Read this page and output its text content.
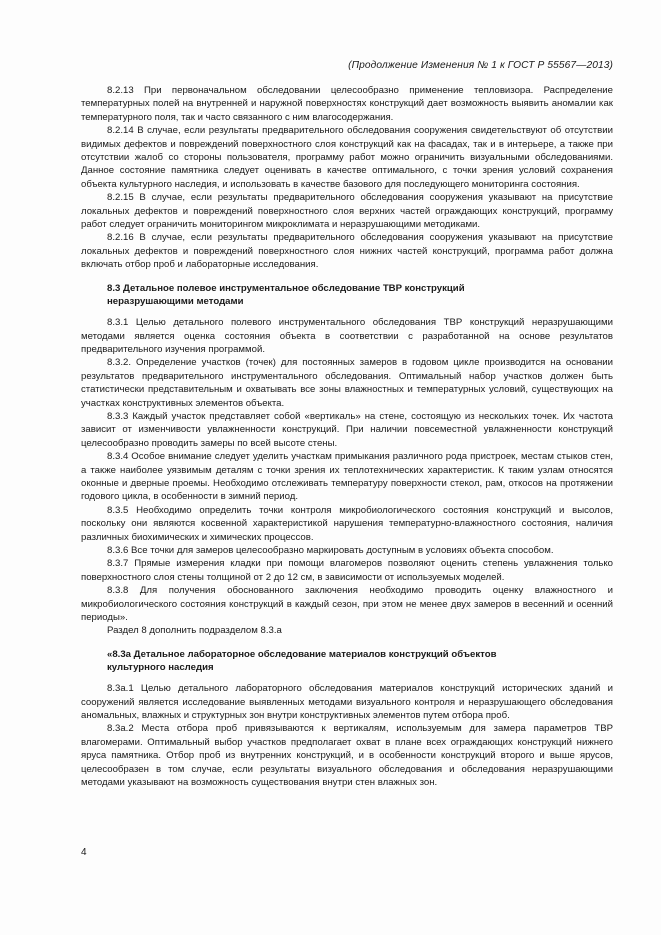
(Продолжение Изменения № 1 к ГОСТ Р 55567—2013)

8.2.13 При первоначальном обследовании целесообразно применение тепловизора. Распределение температурных полей на внутренней и наружной поверхностях конструкций дает возможность выявить аномалии как температурного поля, так и часто связанного с ним влагосодержания.

8.2.14 В случае, если результаты предварительного обследования сооружения свидетельствуют об отсутствии видимых дефектов и повреждений поверхностного слоя конструкций как на фасадах, так и в интерьере, а также при отсутствии жалоб со стороны пользователя, программу работ можно ограничить визуальными обследованиями. Данное состояние памятника следует оценивать в качестве оптимального, с точки зрения условий сохранения объекта культурного наследия, и использовать в качестве базового для последующего мониторинга состояния.

8.2.15 В случае, если результаты предварительного обследования сооружения указывают на присутствие локальных дефектов и повреждений поверхностного слоя верхних частей ограждающих конструкций, программу работ следует ограничить мониторингом микроклимата и неразрушающими методиками.

8.2.16 В случае, если результаты предварительного обследования сооружения указывают на присутствие локальных дефектов и повреждений поверхностного слоя нижних частей конструкций, программа работ должна включать отбор проб и лабораторные исследования.

8.3 Детальное полевое инструментальное обследование ТВР конструкций неразрушающими методами

8.3.1 Целью детального полевого инструментального обследования ТВР конструкций неразрушающими методами является оценка состояния объекта в соответствии с разработанной на основе результатов предварительного изучения программой.

8.3.2. Определение участков (точек) для постоянных замеров в годовом цикле производится на основании результатов предварительного инструментального обследования. Оптимальный набор участков должен быть статистически представительным и охватывать все зоны влажностных и температурных условий, существующих на участках конструктивных элементов объекта.

8.3.3 Каждый участок представляет собой «вертикаль» на стене, состоящую из нескольких точек. Их частота зависит от изменчивости увлажненности конструкций. При наличии повсеместной увлажненности конструкций целесообразно проводить замеры по всей высоте стены.

8.3.4 Особое внимание следует уделить участкам примыкания различного рода пристроек, местам стыков стен, а также наиболее уязвимым деталям с точки зрения их теплотехнических характеристик. К таким узлам относятся оконные и дверные проемы. Необходимо отслеживать температуру поверхности стекол, рам, откосов на протяжении годового цикла, в особенности в зимний период.

8.3.5 Необходимо определить точки контроля микробиологического состояния конструкций и высолов, поскольку они являются косвенной характеристикой нарушения температурно-влажностного состояния, наличия различных биохимических и химических процессов.

8.3.6 Все точки для замеров целесообразно маркировать доступным в условиях объекта способом.

8.3.7 Прямые измерения кладки при помощи влагомеров позволяют оценить степень увлажнения только поверхностного слоя стены толщиной от 2 до 12 см, в зависимости от используемых моделей.

8.3.8 Для получения обоснованного заключения необходимо проводить оценку влажностного и микробиологического состояния конструкций в каждый сезон, при этом не менее двух замеров в весенний и осенний периоды».

Раздел 8 дополнить подразделом 8.3.а

«8.3а Детальное лабораторное обследование материалов конструкций объектов культурного наследия

8.3а.1 Целью детального лабораторного обследования материалов конструкций исторических зданий и сооружений является исследование выявленных методами визуального контроля и неразрушающего обследования аномальных, влажных и структурных зон внутри конструктивных элементов путем отбора проб.

8.3а.2 Места отбора проб привязываются к вертикалям, используемым для замера параметров ТВР влагомерами. Оптимальный выбор участков предполагает охват в плане всех ограждающих конструкций нижнего яруса памятника. Отбор проб из внутренних конструкций, и в особенности конструкций второго и выше ярусов, целесообразен в том случае, если результаты визуального обследования и обследования неразрушающими методами указывают на возможность существования внутри стен влажных зон.

4
